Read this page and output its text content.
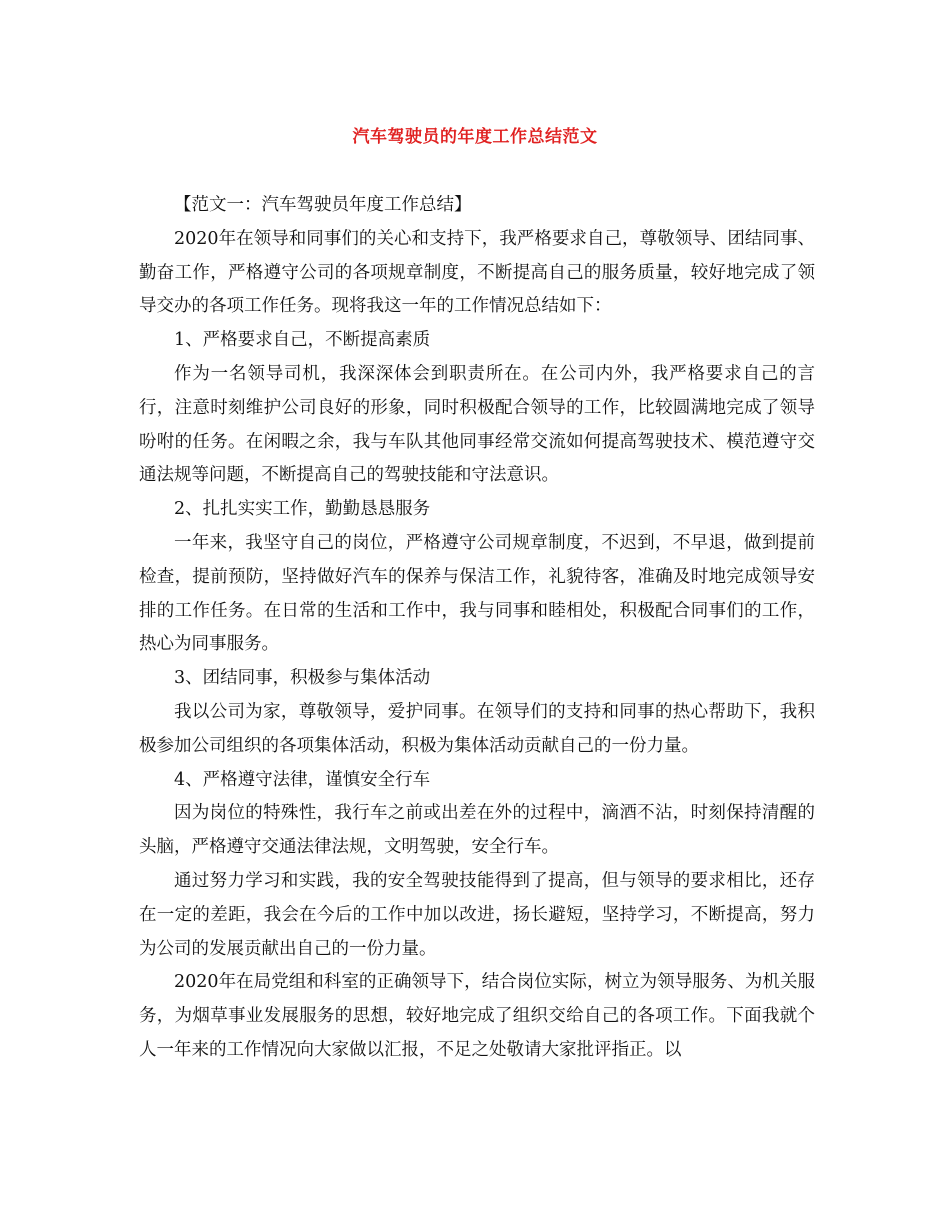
汽车驾驶员的年度工作总结范文

【范文一：汽车驾驶员年度工作总结】

2020年在领导和同事们的关心和支持下，我严格要求自己，尊敬领导、团结同事、勤奋工作，严格遵守公司的各项规章制度，不断提高自己的服务质量，较好地完成了领导交办的各项工作任务。现将我这一年的工作情况总结如下：

1、严格要求自己，不断提高素质

作为一名领导司机，我深深体会到职责所在。在公司内外，我严格要求自己的言行，注意时刻维护公司良好的形象，同时积极配合领导的工作，比较圆满地完成了领导吩咐的任务。在闲暇之余，我与车队其他同事经常交流如何提高驾驶技术、模范遵守交通法规等问题，不断提高自己的驾驶技能和守法意识。

2、扎扎实实工作，勤勤恳恳服务

一年来，我坚守自己的岗位，严格遵守公司规章制度，不迟到，不早退，做到提前检查，提前预防，坚持做好汽车的保养与保洁工作，礼貌待客，准确及时地完成领导安排的工作任务。在日常的生活和工作中，我与同事和睦相处，积极配合同事们的工作，热心为同事服务。

3、团结同事，积极参与集体活动

我以公司为家，尊敬领导，爱护同事。在领导们的支持和同事的热心帮助下，我积极参加公司组织的各项集体活动，积极为集体活动贡献自己的一份力量。

4、严格遵守法律，谨慎安全行车

因为岗位的特殊性，我行车之前或出差在外的过程中，滴酒不沾，时刻保持清醒的头脑，严格遵守交通法律法规，文明驾驶，安全行车。

通过努力学习和实践，我的安全驾驶技能得到了提高，但与领导的要求相比，还存在一定的差距，我会在今后的工作中加以改进，扬长避短，坚持学习，不断提高，努力为公司的发展贡献出自己的一份力量。

2020年在局党组和科室的正确领导下，结合岗位实际，树立为领导服务、为机关服务，为烟草事业发展服务的思想，较好地完成了组织交给自己的各项工作。下面我就个人一年来的工作情况向大家做以汇报，不足之处敬请大家批评指正。以
